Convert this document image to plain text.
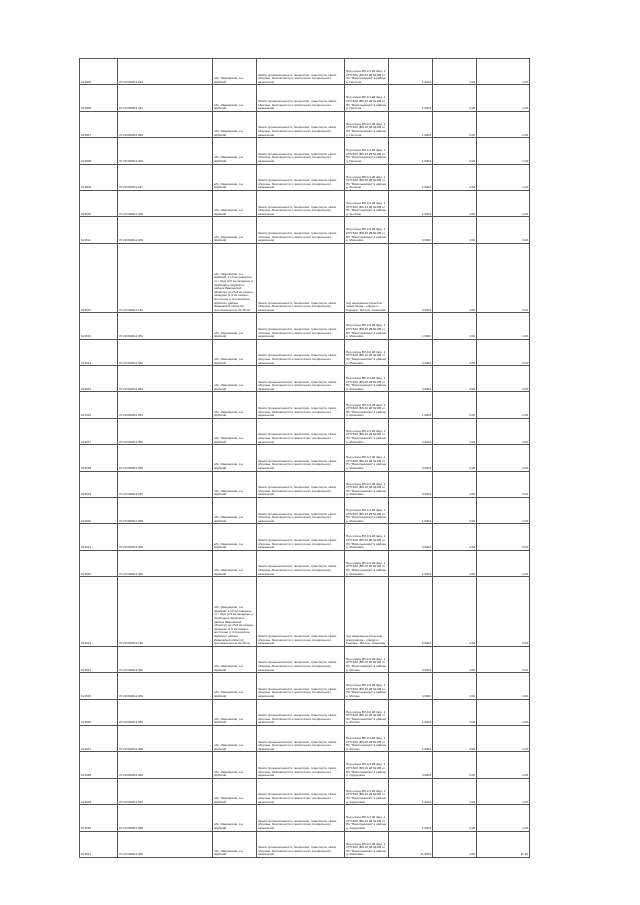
101505	37:20:000011:343	обл. Ивановская, р-н Шуйский	Земли промышленности, энергетики, транспорта, связи, обороны, безопасности и земли иного специального назначения	Под опоры ВЛ-0,4 кВ фид. 1 КТП 8А6 (ВЛ-10 кВ №105 от ПС "Васильевская" в районе д. Песочня	1,0004	4,00	1,00
101506	37:20:000011:344	обл. Ивановская, р-н Шуйский	Земли промышленности, энергетики, транспорта, связи, обороны, безопасности и земли иного специального назначения	Под опоры ВЛ-0,4 кВ фид. 1 КТП 8А6 (ВЛ-10 кВ №105 от ПС "Васильевская" в районе д. Песочня	1,0004	4,00	1,00
101507	37:20:000011:345	обл. Ивановская, р-н Шуйский	Земли промышленности, энергетики, транспорта, связи, обороны, безопасности и земли иного специального назначения	Под опоры ВЛ-0,4 кВ фид. 1 КТП 8А6 (ВЛ-10 кВ №105 от ПС "Васильевская" в районе д. Песочня	1,0004	4,00	1,00
101508	37:20:000011:346	обл. Ивановская, р-н Шуйский	Земли промышленности, энергетики, транспорта, связи, обороны, безопасности и земли иного специального назначения	Под опоры ВЛ-0,4 кВ фид. 1 КТП 8А6 (ВЛ-10 кВ №105 от ПС "Васильевская" в районе д. Песочня	1,0004	4,00	1,00
101509	37:20:000011:347	обл. Ивановская, р-н Шуйский	Земли промышленности, энергетики, транспорта, связи, обороны, безопасности и земли иного специального назначения	Под опоры ВЛ-0,4 кВ фид. 1 КТП 8А6 (ВЛ-10 кВ №105 от ПС "Васильевская" в районе д. Лыткино	1,0004	4,00	1,00
101510	37:20:000011:348	обл. Ивановская, р-н Шуйский	Земли промышленности, энергетики, транспорта, связи, обороны, безопасности и земли иного специального назначения	Под опоры ВЛ-0,4 кВ фид. 1 КТП 8А6 (ВЛ-10 кВ №105 от ПС "Васильевская" в районе д. Лыткино	1,0004	4,00	1,00
101511	37:20:000011:349	обл. Ивановская, р-н Шуйский	Земли промышленности, энергетики, транспорта, связи, обороны, безопасности и земли иного специального назначения	Под опоры ВЛ-0,4 кВ фид. 1 КТП 8А6 (ВЛ-10 кВ №105 от ПС "Васильевская" в районе д. Михалёво	3,0004	4,00	3,00
101512	37:20:000011:150	обл. Ивановская, р-н Шуйский, в 10 км севернее от г. Шуя (2,5 км западнее д. Свободное (Шуйского района Ивановской области)) до 25,8 км северо-западнее (1,5 км северо-восточнее д. Клочковское Шуйского района Ивановской области) протяженностью 20,18 км	Земли промышленности, энергетики, транспорта, связи, обороны, безопасности и земли иного специального назначения	под надземным объектом газопровода - отвода к г. Родники - Вичуга - Кинешма	4,0004	4,00	4,00
101513	37:20:000011:351	обл. Ивановская, р-н Шуйский	Земли промышленности, энергетики, транспорта, связи, обороны, безопасности и земли иного специального назначения	Под опоры ВЛ-0,4 кВ фид. 1 КТП 8А6 (ВЛ-10 кВ №105 от ПС "Васильевская" в районе д. Михалёво	1,0004	4,00	1,00
101514	37:20:000011:352	обл. Ивановская, р-н Шуйский	Земли промышленности, энергетики, транспорта, связи, обороны, безопасности и земли иного специального назначения	Под опоры ВЛ-0,4 кВ фид. 1 КТП 8А6 (ВЛ-10 кВ №105 от ПС "Васильевская" в районе д. Михалёво	3,0004	4,00	3,00
101515	37:20:000011:353	обл. Ивановская, р-н Шуйский	Земли промышленности, энергетики, транспорта, связи, обороны, безопасности и земли иного специального назначения	Под опоры ВЛ-0,4 кВ фид. 1 КТП 8А6 (ВЛ-10 кВ №105 от ПС "Васильевская" в районе д. Михалёво	4,0004	4,00	4,00
101516	37:20:000011:354	обл. Ивановская, р-н Шуйский	Земли промышленности, энергетики, транспорта, связи, обороны, безопасности и земли иного специального назначения	Под опоры ВЛ-0,4 кВ фид. 1 КТП 8А6 (ВЛ-10 кВ №105 от ПС "Васильевская" в районе д. Михалёво	1,0004	4,00	1,00
101517	37:20:000011:355	обл. Ивановская, р-н Шуйский	Земли промышленности, энергетики, транспорта, связи, обороны, безопасности и земли иного специального назначения	Под опоры ВЛ-0,4 кВ фид. 1 КТП 8А6 (ВЛ-10 кВ №105 от ПС "Васильевская" в районе д. Михалёво	4,0004	4,00	4,00
101518	37:20:000011:356	обл. Ивановская, р-н Шуйский	Земли промышленности, энергетики, транспорта, связи, обороны, безопасности и земли иного специального назначения	Под опоры ВЛ-0,4 кВ фид. 1 КТП 8А6 (ВЛ-10 кВ №105 от ПС "Васильевская" в районе д. Михалёво	4,0004	4,00	4,00
101519	37:20:000011:357	обл. Ивановская, р-н Шуйский	Земли промышленности, энергетики, транспорта, связи, обороны, безопасности и земли иного специального назначения	Под опоры ВЛ-0,4 кВ фид. 1 КТП 8А6 (ВЛ-10 кВ №105 от ПС "Васильевская" в районе д. Михалёво	3,0004	4,00	3,00
101520	37:20:000011:358	обл. Ивановская, р-н Шуйский	Земли промышленности, энергетики, транспорта, связи, обороны, безопасности и земли иного специального назначения	Под опоры ВЛ-0,4 кВ фид. 1 КТП 8А6 (ВЛ-10 кВ №105 от ПС "Васильевская" в районе д. Михалёво	1,0004	4,00	1,00
101521	37:20:000011:359	обл. Ивановская, р-н Шуйский	Земли промышленности, энергетики, транспорта, связи, обороны, безопасности и земли иного специального назначения	Под опоры ВЛ-0,4 кВ фид. 1 КТП 8А6 (ВЛ-10 кВ №105 от ПС "Васильевская" в районе д. Михалёво	3,0004	4,00	3,00
101522	37:20:000011:360	обл. Ивановская, р-н Шуйский	Земли промышленности, энергетики, транспорта, связи, обороны, безопасности и земли иного специального назначения	Под опоры ВЛ-0,4 кВ фид. 1 КТП 8А6 (ВЛ-10 кВ №105 от ПС "Васильевская" в районе д. Михалёво	1,0004	4,00	1,00
101523	37:20:000011:135	обл. Ивановская, р-н Шуйский, в 10 км севернее от г. Шуя (2,5 км западнее д. Свободное (Шуйского района Ивановской области)) до 25,8 км северо-западнее (1,5 км северо-восточнее д. Клочковское Шуйского района Ивановской области) протяженностью 20,18 км	Земли промышленности, энергетики, транспорта, связи, обороны, безопасности и земли иного специального назначения	под надземным объектом газопровода - отвода к г. Родники - Вичуга - Кинешма	6,0004	4,00	6,00
101524	37:20:000011:362	обл. Ивановская, р-н Шуйский	Земли промышленности, энергетики, транспорта, связи, обороны, безопасности и земли иного специального назначения	Под опоры ВЛ-0,4 кВ фид. 1 КТП 8А6 (ВЛ-10 кВ №105 от ПС "Васильевская" в районе д. Митино	4,0004	4,00	4,00
101525	37:20:000011:363	обл. Ивановская, р-н Шуйский	Земли промышленности, энергетики, транспорта, связи, обороны, безопасности и земли иного специального назначения	Под опоры ВЛ-0,4 кВ фид. 1 КТП 8А6 (ВЛ-10 кВ №105 от ПС "Васильевская" в районе д. Митино	4,0004	4,00	4,00
101526	37:20:000011:364	обл. Ивановская, р-н Шуйский	Земли промышленности, энергетики, транспорта, связи, обороны, безопасности и земли иного специального назначения	Под опоры ВЛ-0,4 кВ фид. 1 КТП 8А6 (ВЛ-10 кВ №105 от ПС "Васильевская" в районе д. Митино	1,0004	4,00	1,00
101527	37:20:000011:365	обл. Ивановская, р-н Шуйский	Земли промышленности, энергетики, транспорта, связи, обороны, безопасности и земли иного специального назначения	Под опоры ВЛ-0,4 кВ фид. 1 КТП 8А6 (ВЛ-10 кВ №105 от ПС "Васильевская" в районе д. Митино	1,0004	4,00	1,00
101528	37:20:000011:366	обл. Ивановская, р-н Шуйский	Земли промышленности, энергетики, транспорта, связи, обороны, безопасности и земли иного специального назначения	Под опоры ВЛ-0,4 кВ фид. 1 КТП 8А6 (ВЛ-10 кВ №105 от ПС "Васильевская" в районе д. Сидоровка	4,0004	4,00	4,00
101529	37:20:000011:367	обл. Ивановская, р-н Шуйский	Земли промышленности, энергетики, транспорта, связи, обороны, безопасности и земли иного специального назначения	Под опоры ВЛ-0,4 кВ фид. 1 КТП 8А6 (ВЛ-10 кВ №105 от ПС "Васильевская" в районе д. Сидоровка	1,0004	4,00	1,00
101530	37:20:000011:368	обл. Ивановская, р-н Шуйский	Земли промышленности, энергетики, транспорта, связи, обороны, безопасности и земли иного специального назначения	Под опоры ВЛ-0,4 кВ фид. 1 КТП 8А6 (ВЛ-10 кВ №105 от ПС "Васильевская" в районе д. Сидоровка	1,0004	4,00	1,00
101531	37:20:000011:369	обл. Ивановская, р-н Шуйский	Земли промышленности, энергетики, транспорта, связи, обороны, безопасности и земли иного специального назначения	Под опоры ВЛ-0,4 кВ фид. 1 КТП 8А6 (ВЛ-10 кВ №105 от ПС "Васильевская" в районе д. Михалёво	11,9004	4,00	11,90
